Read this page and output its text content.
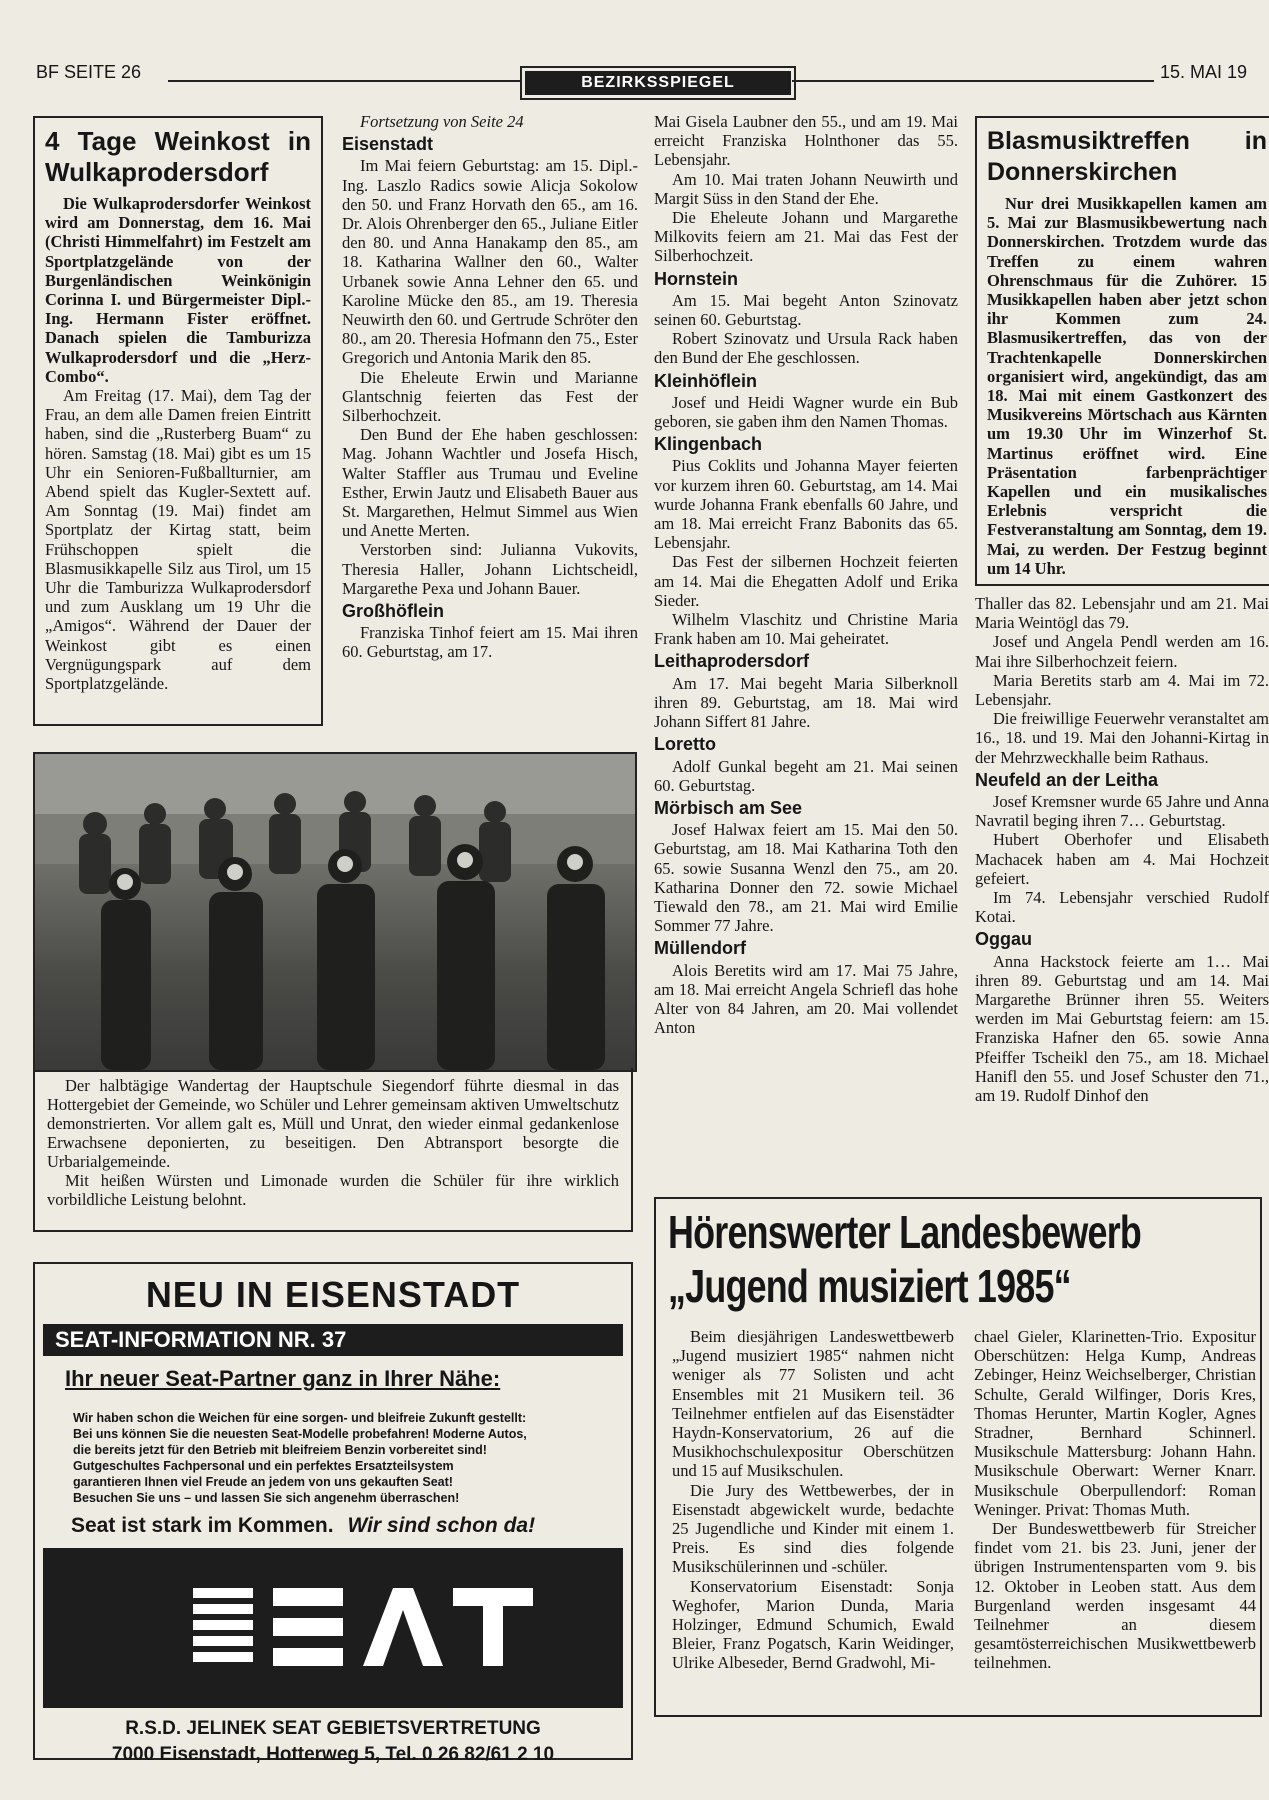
BF SEITE 26
BEZIRKSSPIEGEL
15. MAI 19
4 Tage Weinkost in Wulkaprodersdorf

Die Wulkaprodersdorfer Weinkost wird am Donnerstag, dem 16. Mai (Christi Himmelfahrt) im Festzelt am Sportplatzgelände von der Burgenländischen Weinkönigin Corinna I. und Bürgermeister Dipl.-Ing. Hermann Fister eröffnet. Danach spielen die Tamburizza Wulkaprodersdorf und die „Herz-Combo“.

Am Freitag (17. Mai), dem Tag der Frau, an dem alle Damen freien Eintritt haben, sind die „Rusterberg Buam“ zu hören. Samstag (18. Mai) gibt es um 15 Uhr ein Senioren-Fußballturnier, am Abend spielt das Kugler-Sextett auf. Am Sonntag (19. Mai) findet am Sportplatz der Kirtag statt, beim Frühschoppen spielt die Blasmusikkapelle Silz aus Tirol, um 15 Uhr die Tamburizza Wulkaprodersdorf und zum Ausklang um 19 Uhr die „Amigos“. Während der Dauer der Weinkost gibt es einen Vergnügungspark auf dem Sportplatzgelände.

Fortsetzung von Seite 24

Eisenstadt

Im Mai feiern Geburtstag: am 15. Dipl.-Ing. Laszlo Radics sowie Alicja Sokolow den 50. und Franz Horvath den 65., am 16. Dr. Alois Ohrenberger den 65., Juliane Eitler den 80. und Anna Hanakamp den 85., am 18. Katharina Wallner den 60., Walter Urbanek sowie Anna Lehner den 65. und Karoline Mücke den 85., am 19. Theresia Neuwirth den 60. und Gertrude Schröter den 80., am 20. Theresia Hofmann den 75., Ester Gregorich und Antonia Marik den 85.

Die Eheleute Erwin und Marianne Glantschnig feierten das Fest der Silberhochzeit.

Den Bund der Ehe haben geschlossen: Mag. Johann Wachtler und Josefa Hisch, Walter Staffler aus Trumau und Eveline Esther, Erwin Jautz und Elisabeth Bauer aus St. Margarethen, Helmut Simmel aus Wien und Anette Merten.

Verstorben sind: Julianna Vukovits, Theresia Haller, Johann Lichtscheidl, Margarethe Pexa und Johann Bauer.

Großhöflein

Franziska Tinhof feiert am 15. Mai ihren 60. Geburtstag, am 17.

Mai Gisela Laubner den 55., und am 19. Mai erreicht Franziska Holnthoner das 55. Lebensjahr.

Am 10. Mai traten Johann Neuwirth und Margit Süss in den Stand der Ehe.

Die Eheleute Johann und Margarethe Milkovits feiern am 21. Mai das Fest der Silberhochzeit.

Hornstein

Am 15. Mai begeht Anton Szinovatz seinen 60. Geburtstag.

Robert Szinovatz und Ursula Rack haben den Bund der Ehe geschlossen.

Kleinhöflein

Josef und Heidi Wagner wurde ein Bub geboren, sie gaben ihm den Namen Thomas.

Klingenbach

Pius Coklits und Johanna Mayer feierten vor kurzem ihren 60. Geburtstag, am 14. Mai wurde Johanna Frank ebenfalls 60 Jahre, und am 18. Mai erreicht Franz Babonits das 65. Lebensjahr.

Das Fest der silbernen Hochzeit feierten am 14. Mai die Ehegatten Adolf und Erika Sieder.

Wilhelm Vlaschitz und Christine Maria Frank haben am 10. Mai geheiratet.

Leithaprodersdorf

Am 17. Mai begeht Maria Silberknoll ihren 89. Geburtstag, am 18. Mai wird Johann Siffert 81 Jahre.

Loretto

Adolf Gunkal begeht am 21. Mai seinen 60. Geburtstag.

Mörbisch am See

Josef Halwax feiert am 15. Mai den 50. Geburtstag, am 18. Mai Katharina Toth den 65. sowie Susanna Wenzl den 75., am 20. Katharina Donner den 72. sowie Michael Tiewald den 78., am 21. Mai wird Emilie Sommer 77 Jahre.

Müllendorf

Alois Beretits wird am 17. Mai 75 Jahre, am 18. Mai erreicht Angela Schriefl das hohe Alter von 84 Jahren, am 20. Mai vollendet Anton

Blasmusiktreffen in Donnerskirchen

Nur drei Musikkapellen kamen am 5. Mai zur Blasmusikbewertung nach Donnerskirchen. Trotzdem wurde das Treffen zu einem wahren Ohrenschmaus für die Zuhörer. 15 Musikkapellen haben aber jetzt schon ihr Kommen zum 24. Blasmusikertreffen, das von der Trachtenkapelle Donnerskirchen organisiert wird, angekündigt, das am 18. Mai mit einem Gastkonzert des Musikvereins Mörtschach aus Kärnten um 19.30 Uhr im Winzerhof St. Martinus eröffnet wird. Eine Präsentation farbenprächtiger Kapellen und ein musikalisches Erlebnis verspricht die Festveranstaltung am Sonntag, dem 19. Mai, zu werden. Der Festzug beginnt um 14 Uhr.

Thaller das 82. Lebensjahr und am 21. Mai Maria Weintögl das 79.

Josef und Angela Pendl werden am 16. Mai ihre Silberhochzeit feiern.

Maria Beretits starb am 4. Mai im 72. Lebensjahr.

Die freiwillige Feuerwehr veranstaltet am 16., 18. und 19. Mai den Johanni-Kirtag in der Mehrzweckhalle beim Rathaus.

Neufeld an der Leitha

Josef Kremsner wurde 65 Jahre und Anna Navratil beging ihren 7… Geburtstag.

Hubert Oberhofer und Elisabeth Machacek haben am 4. Mai Hochzeit gefeiert.

Im 74. Lebensjahr verschied Rudolf Kotai.

Oggau

Anna Hackstock feierte am 1… Mai ihren 89. Geburtstag und am 14. Mai Margarethe Brünner ihren 55. Weiters werden im Mai Geburtstag feiern: am 15. Franziska Hafner den 65. sowie Anna Pfeiffer Tscheikl den 75., am 18. Michael Hanifl den 55. und Josef Schuster den 71., am 19. Rudolf Dinhof den

Der halbtägige Wandertag der Hauptschule Siegendorf führte diesmal in das Hottergebiet der Gemeinde, wo Schüler und Lehrer gemeinsam aktiven Umweltschutz demonstrierten. Vor allem galt es, Müll und Unrat, den wieder einmal gedankenlose Erwachsene deponierten, zu beseitigen. Den Abtransport besorgte die Urbarialgemeinde.

Mit heißen Würsten und Limonade wurden die Schüler für ihre wirklich vorbildliche Leistung belohnt.

NEU IN EISENSTADT
SEAT-INFORMATION NR. 37
Ihr neuer Seat-Partner ganz in Ihrer Nähe:
Wir haben schon die Weichen für eine sorgen- und bleifreie Zukunft gestellt:
Bei uns können Sie die neuesten Seat-Modelle probefahren! Moderne Autos,
die bereits jetzt für den Betrieb mit bleifreiem Benzin vorbereitet sind!
Gutgeschultes Fachpersonal und ein perfektes Ersatzteilsystem
garantieren Ihnen viel Freude an jedem von uns gekauften Seat!
Besuchen Sie uns – und lassen Sie sich angenehm überraschen!
Seat ist stark im Kommen. Wir sind schon da!
R.S.D. JELINEK SEAT GEBIETSVERTRETUNG
7000 Eisenstadt, Hotterweg 5, Tel. 0 26 82/61 2 10
Hörenswerter Landesbewerb
„Jugend musiziert 1985“

Beim diesjährigen Landeswettbewerb „Jugend musiziert 1985“ nahmen nicht weniger als 77 Solisten und acht Ensembles mit 21 Musikern teil. 36 Teilnehmer entfielen auf das Eisenstädter Haydn-Konservatorium, 26 auf die Musikhochschulexpositur Oberschützen und 15 auf Musikschulen.

Die Jury des Wettbewerbes, der in Eisenstadt abgewickelt wurde, bedachte 25 Jugendliche und Kinder mit einem 1. Preis. Es sind dies folgende Musikschülerinnen und -schüler.

Konservatorium Eisenstadt: Sonja Weghofer, Marion Dunda, Maria Holzinger, Edmund Schumich, Ewald Bleier, Franz Pogatsch, Karin Weidinger, Ulrike Albeseder, Bernd Gradwohl, Mi-

chael Gieler, Klarinetten-Trio. Expositur Oberschützen: Helga Kump, Andreas Zebinger, Heinz Weichselberger, Christian Schulte, Gerald Wilfinger, Doris Kres, Thomas Herunter, Martin Kogler, Agnes Stradner, Bernhard Schinnerl. Musikschule Mattersburg: Johann Hahn. Musikschule Oberwart: Werner Knarr. Musikschule Oberpullendorf: Roman Weninger. Privat: Thomas Muth.

Der Bundeswettbewerb für Streicher findet vom 21. bis 23. Juni, jener der übrigen Instrumentensparten vom 9. bis 12. Oktober in Leoben statt. Aus dem Burgenland werden insgesamt 44 Teilnehmer an diesem gesamtösterreichischen Musikwettbewerb teilnehmen.
